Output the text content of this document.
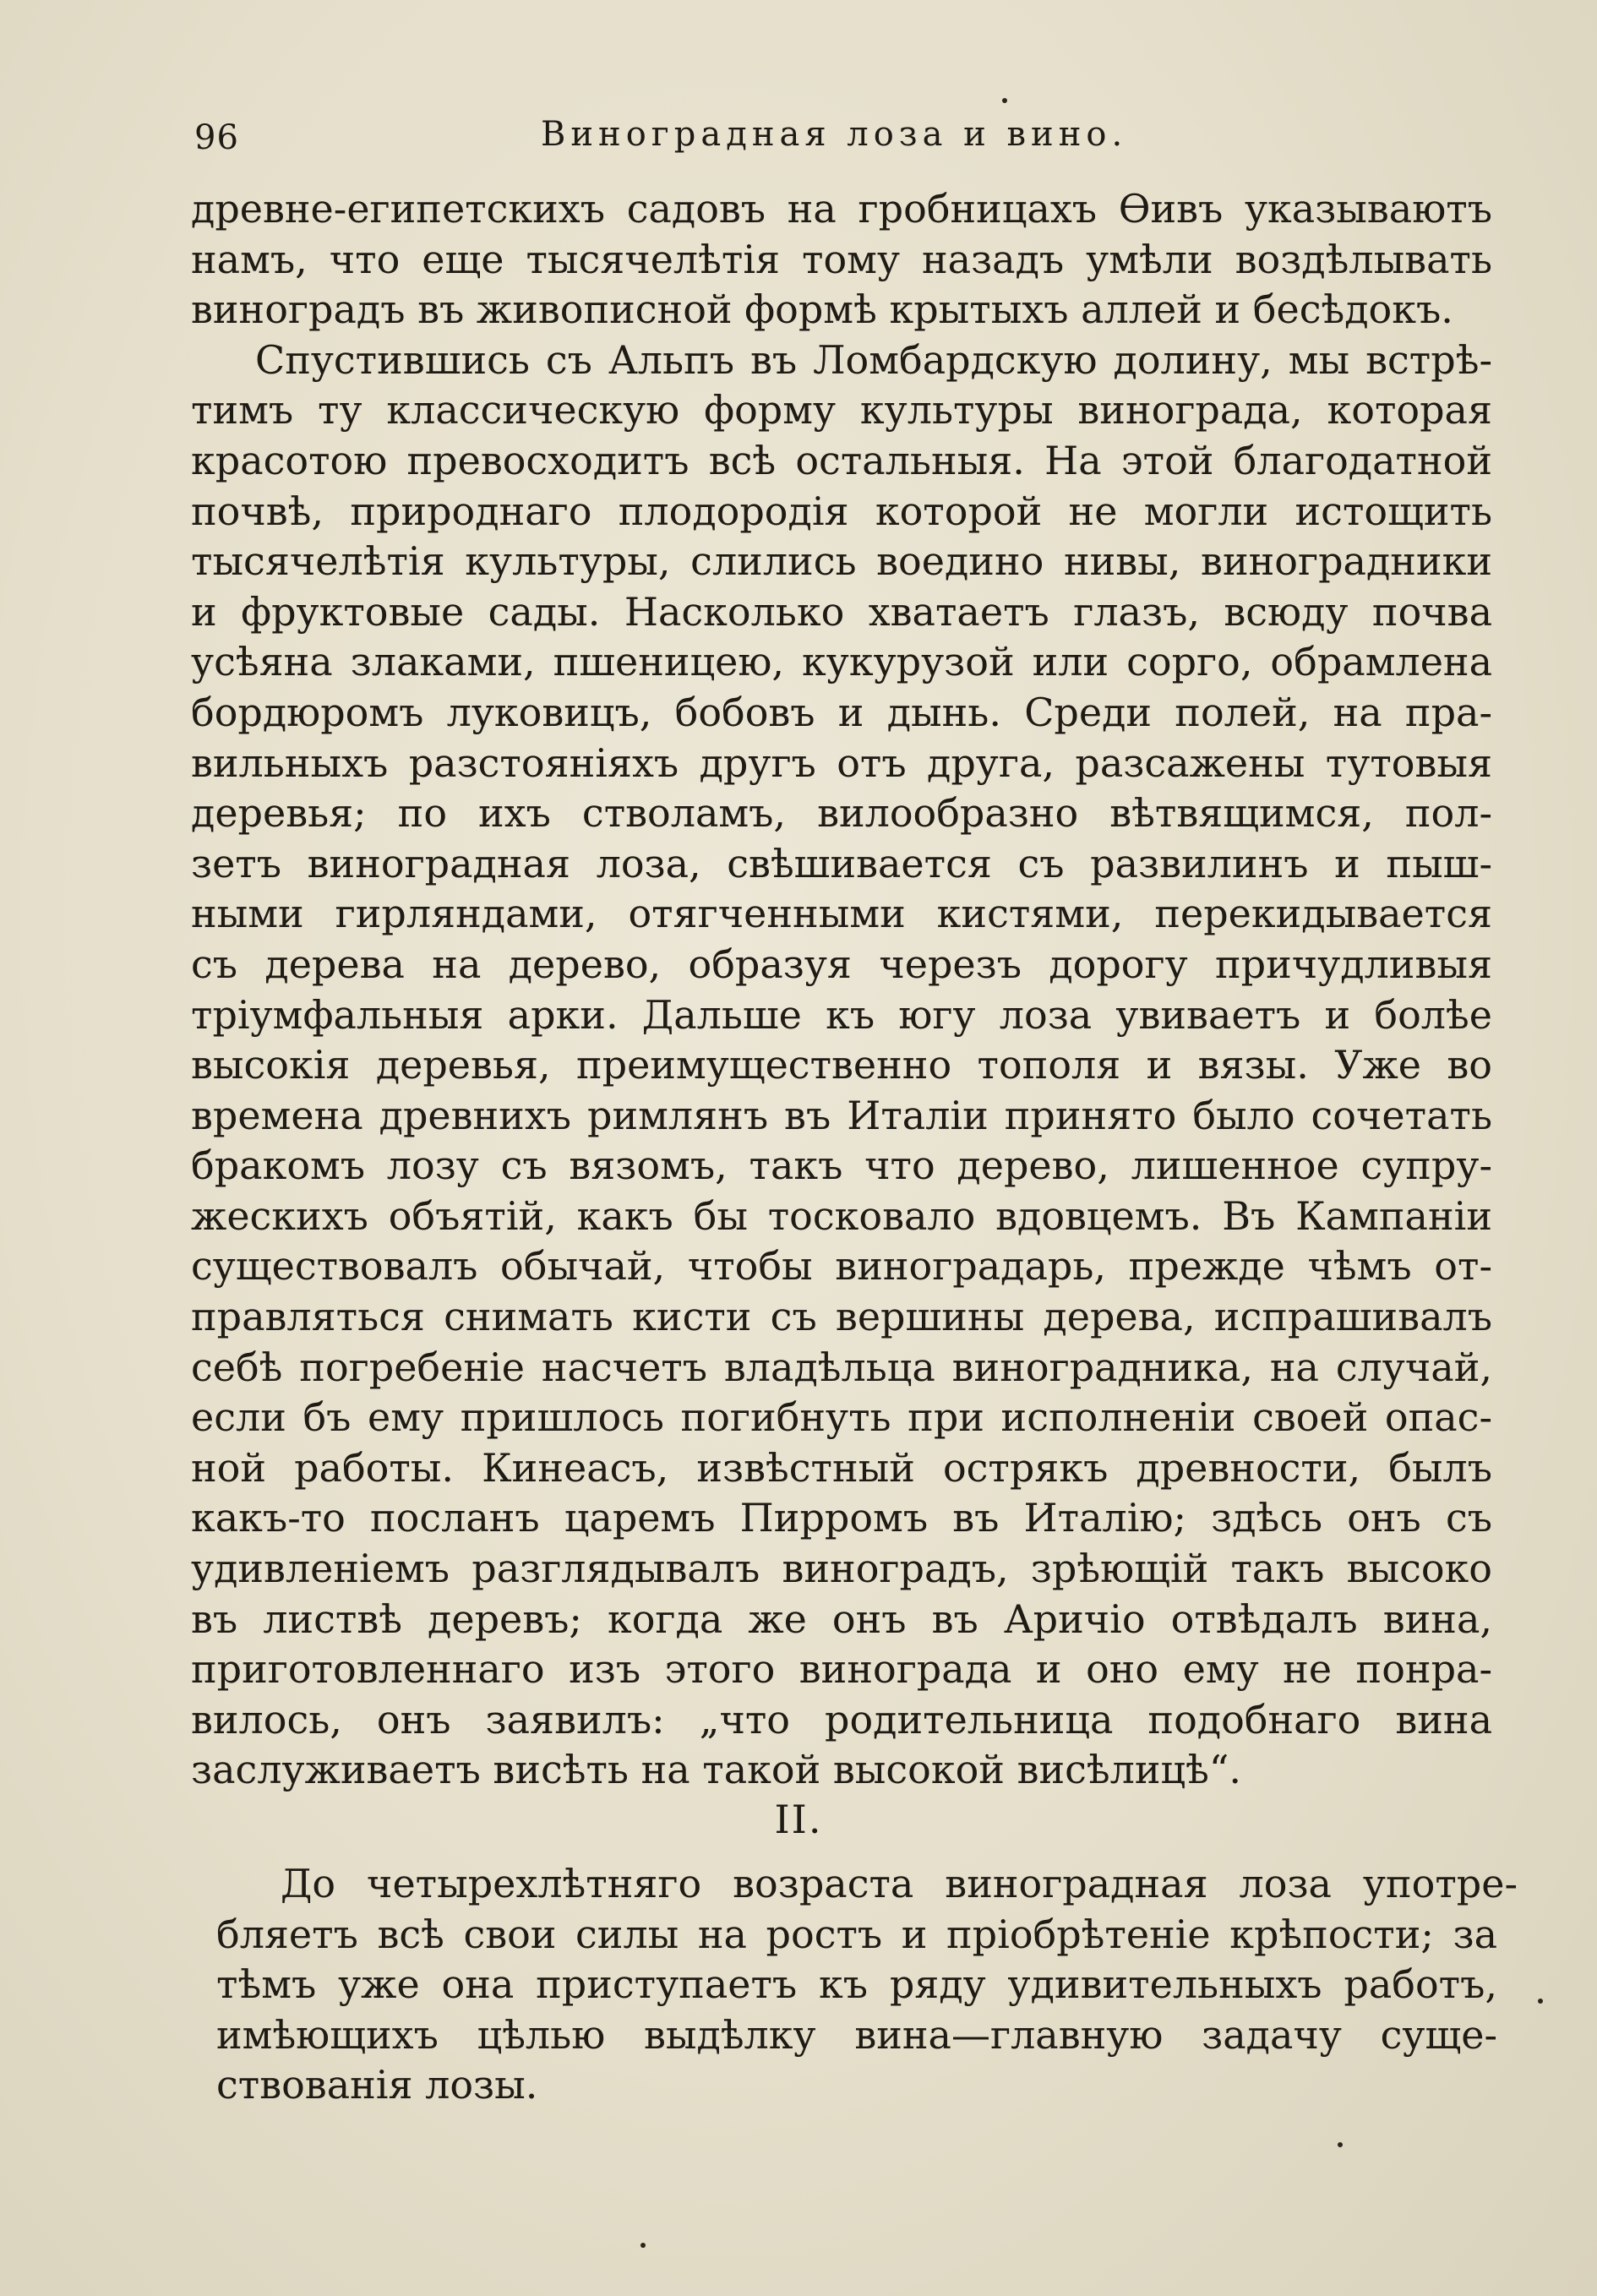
96	Виноградная лоза и вино.
древне-египетскихъ садовъ на гробницахъ Ѳивъ указываютъ
намъ, что еще тысячелѣтія тому назадъ умѣли воздѣлывать
виноградъ въ живописной формѣ крытыхъ аллей и бесѣдокъ.
Спустившись съ Альпъ въ Ломбардскую долину, мы встрѣ-
тимъ ту классическую форму культуры винограда, которая
красотою превосходитъ всѣ остальныя. На этой благодатной
почвѣ, природнаго плодородія которой не могли истощить
тысячелѣтія культуры, слились воедино нивы, виноградники
и фруктовые сады. Насколько хватаетъ глазъ, всюду почва
усѣяна злаками, пшеницею, кукурузой или сорго, обрамлена
бордюромъ луковицъ, бобовъ и дынь. Среди полей, на пра-
вильныхъ разстояніяхъ другъ отъ друга, разсажены тутовыя
деревья; по ихъ стволамъ, вилообразно вѣтвящимся, пол-
зетъ виноградная лоза, свѣшивается съ развилинъ и пыш-
ными гирляндами, отягченными кистями, перекидывается
съ дерева на дерево, образуя черезъ дорогу причудливыя
тріумфальныя арки. Дальше къ югу лоза увиваетъ и болѣе
высокія деревья, преимущественно тополя и вязы. Уже во
времена древнихъ римлянъ въ Италіи принято было сочетать
бракомъ лозу съ вязомъ, такъ что дерево, лишенное супру-
жескихъ объятій, какъ бы тосковало вдовцемъ. Въ Кампаніи
существовалъ обычай, чтобы виноградарь, прежде чѣмъ от-
правляться снимать кисти съ вершины дерева, испрашивалъ
себѣ погребеніе насчетъ владѣльца виноградника, на случай,
если бъ ему пришлось погибнуть при исполненіи своей опас-
ной работы. Кинеасъ, извѣстный острякъ древности, былъ
какъ-то посланъ царемъ Пирромъ въ Италію; здѣсь онъ съ
удивленіемъ разглядывалъ виноградъ, зрѣющій такъ высоко
въ листвѣ деревъ; когда же онъ въ Аричіо отвѣдалъ вина,
приготовленнаго изъ этого винограда и оно ему не понра-
вилось, онъ заявилъ: „что родительница подобнаго вина
заслуживаетъ висѣть на такой высокой висѣлицѣ“.
II.
До четырехлѣтняго возраста виноградная лоза употре-
бляетъ всѣ свои силы на ростъ и пріобрѣтеніе крѣпости; за
тѣмъ уже она приступаетъ къ ряду удивительныхъ работъ,
имѣющихъ цѣлью выдѣлку вина—главную задачу суще-
ствованія лозы.
